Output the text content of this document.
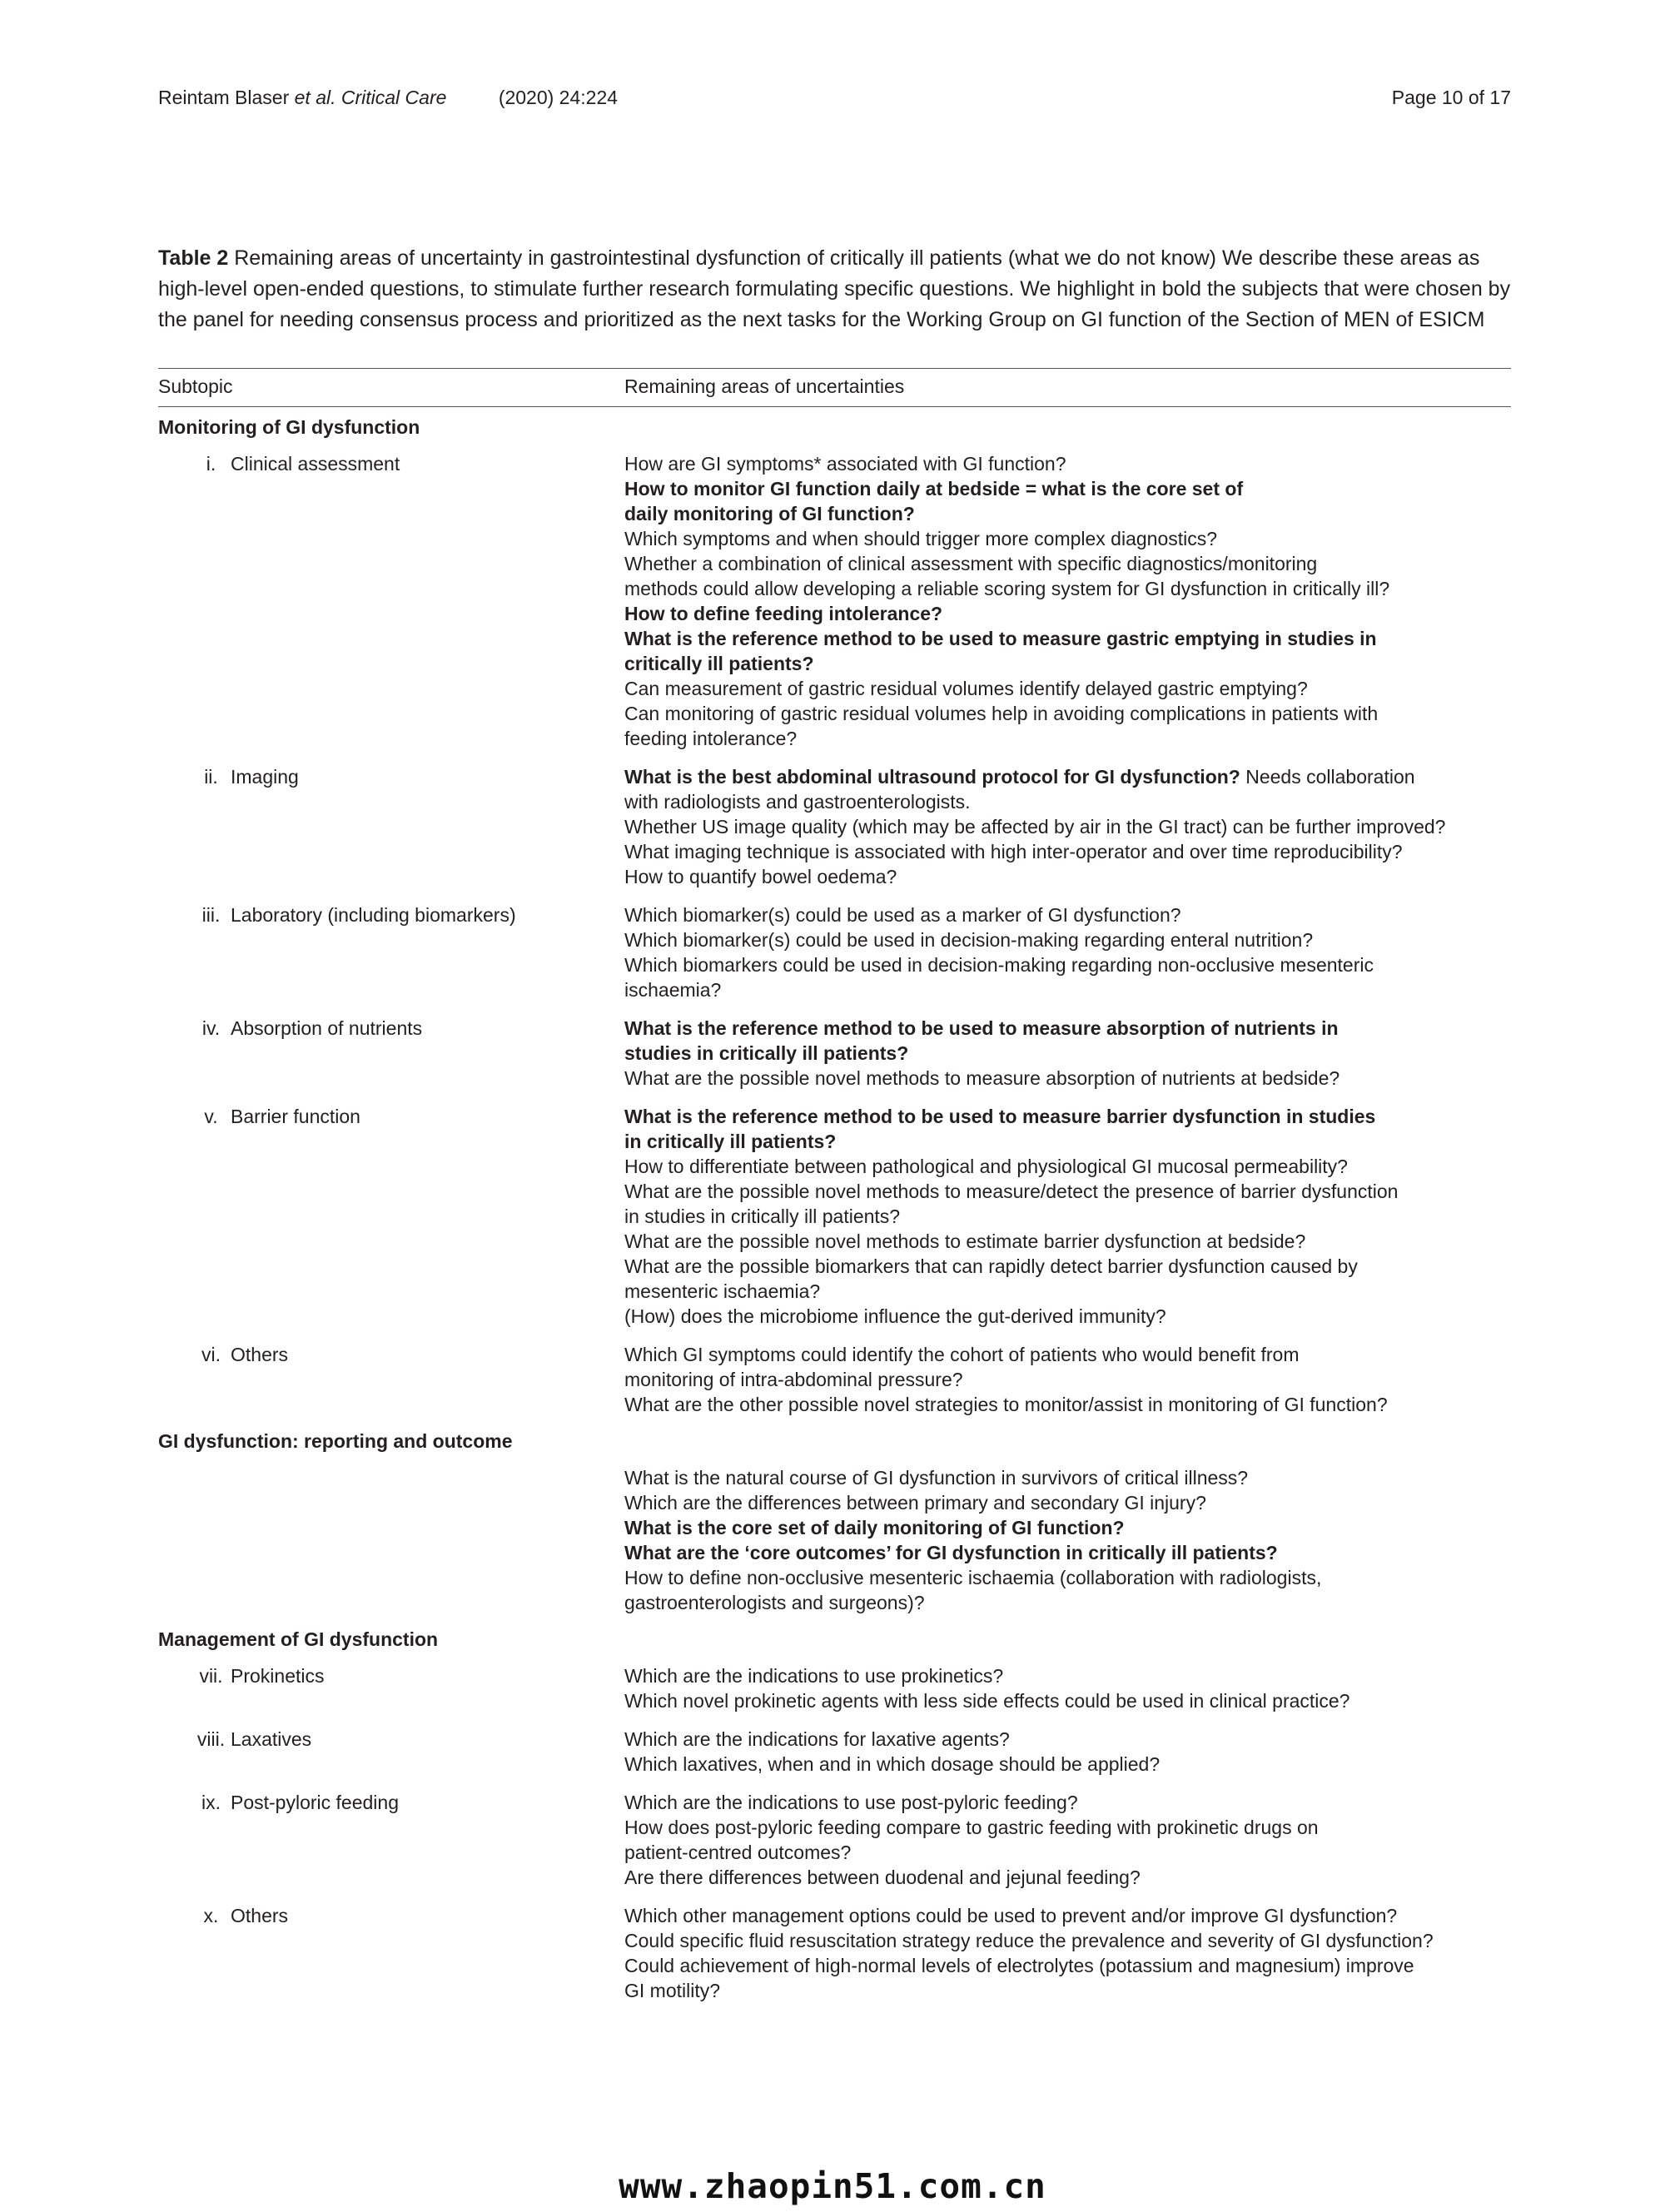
Reintam Blaser et al. Critical Care	(2020) 24:224	Page 10 of 17
Table 2 Remaining areas of uncertainty in gastrointestinal dysfunction of critically ill patients (what we do not know) We describe these areas as high-level open-ended questions, to stimulate further research formulating specific questions. We highlight in bold the subjects that were chosen by the panel for needing consensus process and prioritized as the next tasks for the Working Group on GI function of the Section of MEN of ESICM
Subtopic	Remaining areas of uncertainties
Monitoring of GI dysfunction
i. Clinical assessment	How are GI symptoms* associated with GI function?
How to monitor GI function daily at bedside = what is the core set of
daily monitoring of GI function?
Which symptoms and when should trigger more complex diagnostics?
Whether a combination of clinical assessment with specific diagnostics/monitoring
methods could allow developing a reliable scoring system for GI dysfunction in critically ill?
How to define feeding intolerance?
What is the reference method to be used to measure gastric emptying in studies in
critically ill patients?
Can measurement of gastric residual volumes identify delayed gastric emptying?
Can monitoring of gastric residual volumes help in avoiding complications in patients with
feeding intolerance?
ii. Imaging	What is the best abdominal ultrasound protocol for GI dysfunction? Needs collaboration
with radiologists and gastroenterologists.
Whether US image quality (which may be affected by air in the GI tract) can be further improved?
What imaging technique is associated with high inter-operator and over time reproducibility?
How to quantify bowel oedema?
iii. Laboratory (including biomarkers)	Which biomarker(s) could be used as a marker of GI dysfunction?
Which biomarker(s) could be used in decision-making regarding enteral nutrition?
Which biomarkers could be used in decision-making regarding non-occlusive mesenteric
ischaemia?
iv. Absorption of nutrients	What is the reference method to be used to measure absorption of nutrients in
studies in critically ill patients?
What are the possible novel methods to measure absorption of nutrients at bedside?
v. Barrier function	What is the reference method to be used to measure barrier dysfunction in studies
in critically ill patients?
How to differentiate between pathological and physiological GI mucosal permeability?
What are the possible novel methods to measure/detect the presence of barrier dysfunction
in studies in critically ill patients?
What are the possible novel methods to estimate barrier dysfunction at bedside?
What are the possible biomarkers that can rapidly detect barrier dysfunction caused by
mesenteric ischaemia?
(How) does the microbiome influence the gut-derived immunity?
vi. Others	Which GI symptoms could identify the cohort of patients who would benefit from
monitoring of intra-abdominal pressure?
What are the other possible novel strategies to monitor/assist in monitoring of GI function?
GI dysfunction: reporting and outcome
What is the natural course of GI dysfunction in survivors of critical illness?
Which are the differences between primary and secondary GI injury?
What is the core set of daily monitoring of GI function?
What are the ‘core outcomes’ for GI dysfunction in critically ill patients?
How to define non-occlusive mesenteric ischaemia (collaboration with radiologists,
gastroenterologists and surgeons)?
Management of GI dysfunction
vii. Prokinetics	Which are the indications to use prokinetics?
Which novel prokinetic agents with less side effects could be used in clinical practice?
viii. Laxatives	Which are the indications for laxative agents?
Which laxatives, when and in which dosage should be applied?
ix. Post-pyloric feeding	Which are the indications to use post-pyloric feeding?
How does post-pyloric feeding compare to gastric feeding with prokinetic drugs on
patient-centred outcomes?
Are there differences between duodenal and jejunal feeding?
x. Others	Which other management options could be used to prevent and/or improve GI dysfunction?
Could specific fluid resuscitation strategy reduce the prevalence and severity of GI dysfunction?
Could achievement of high-normal levels of electrolytes (potassium and magnesium) improve
GI motility?
www.zhaopin51.com.cn
